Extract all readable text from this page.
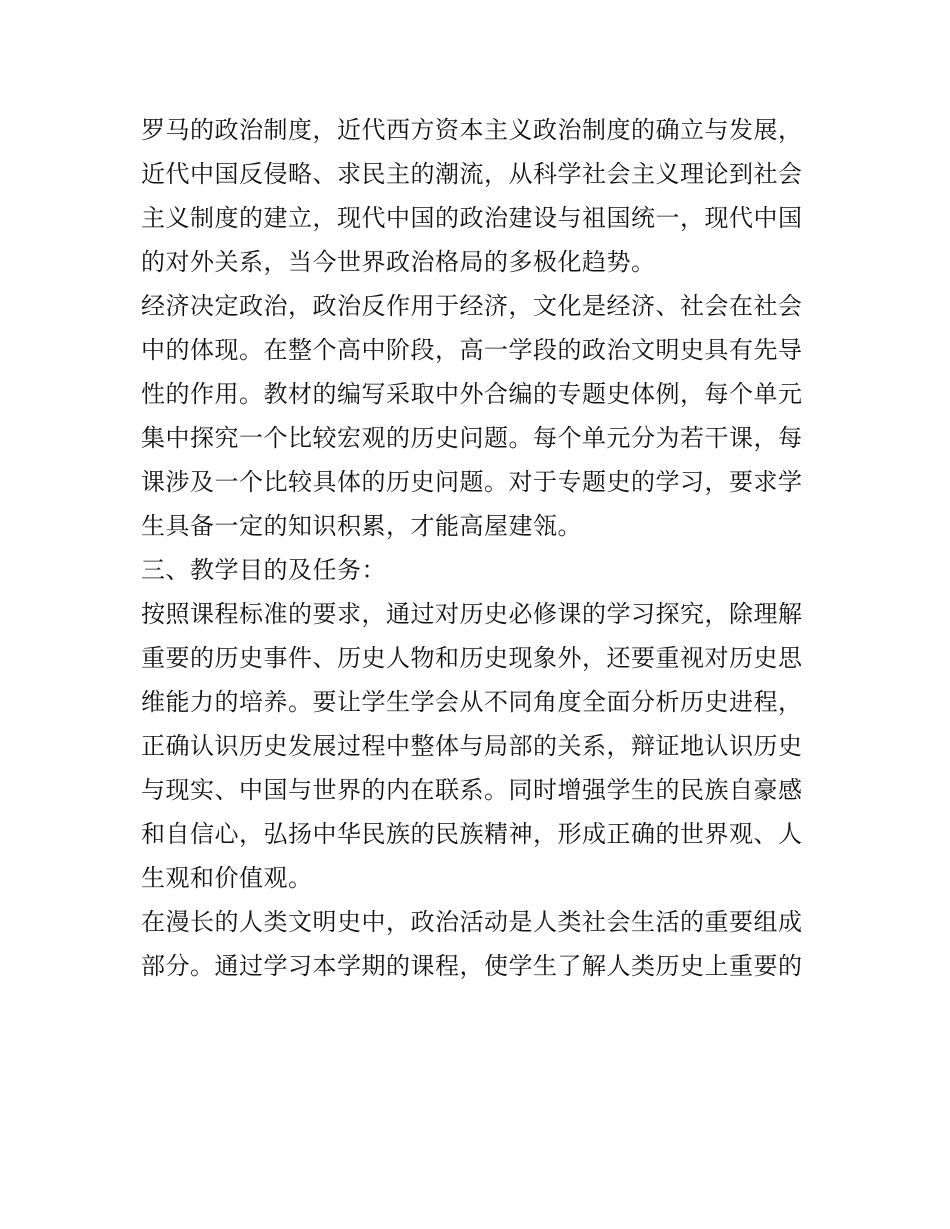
罗马的政治制度，近代西方资本主义政治制度的确立与发展，
近代中国反侵略、求民主的潮流，从科学社会主义理论到社会
主义制度的建立，现代中国的政治建设与祖国统一，现代中国
的对外关系，当今世界政治格局的多极化趋势。
经济决定政治，政治反作用于经济，文化是经济、社会在社会
中的体现。在整个高中阶段，高一学段的政治文明史具有先导
性的作用。教材的编写采取中外合编的专题史体例，每个单元
集中探究一个比较宏观的历史问题。每个单元分为若干课，每
课涉及一个比较具体的历史问题。对于专题史的学习，要求学
生具备一定的知识积累，才能高屋建瓴。
三、教学目的及任务：
按照课程标准的要求，通过对历史必修课的学习探究，除理解
重要的历史事件、历史人物和历史现象外，还要重视对历史思
维能力的培养。要让学生学会从不同角度全面分析历史进程，
正确认识历史发展过程中整体与局部的关系，辩证地认识历史
与现实、中国与世界的内在联系。同时增强学生的民族自豪感
和自信心，弘扬中华民族的民族精神，形成正确的世界观、人
生观和价值观。
在漫长的人类文明史中，政治活动是人类社会生活的重要组成
部分。通过学习本学期的课程，使学生了解人类历史上重要的
